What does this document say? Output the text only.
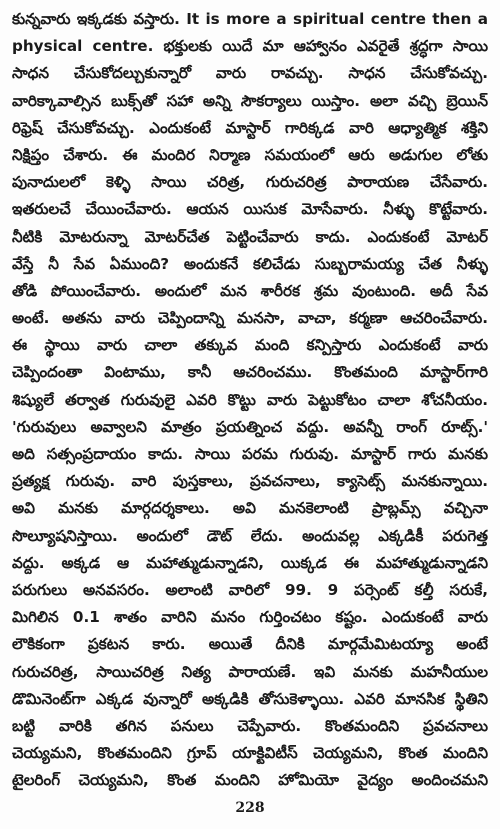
కున్నవారు ఇక్కడకు వస్తారు. It is more a spiritual centre then a
physical centre. భక్తులకు యిదే మా ఆహ్వానం ఎవరైతే శ్రద్ధగా సాయి
సాధన చేసుకోదల్చుకున్నారో వారు రావచ్చు. సాధన చేసుకోవచ్చు.
వారిక్కావాల్సిన బుక్స్‌తో సహా అన్ని సౌకర్యాలు యిస్తాం. అలా వచ్చి బ్రెయిన్
రిఫ్రెష్ చేసుకోవచ్చు. ఎందుకంటే మాస్టార్ గారిక్కడ వారి ఆధ్యాత్మిక శక్తిని
నిక్షిప్తం చేశారు. ఈ మందిర నిర్మాణ సమయంలో ఆరు అడుగుల లోతు
పునాదులలో కెళ్ళి సాయి చరిత్ర, గురుచరిత్ర పారాయణ చేసేవారు.
ఇతరులచే చేయించేవారు. ఆయన యిసుక మోసేవారు. నీళ్ళు కొట్టేవారు.
నీటికి మోటరున్నా మోటర్‌చేత పెట్టించేవారు కాదు. ఎందుకంటే మోటర్
వేస్తే నీ సేవ ఏముంది? అందుకనే కలిచేడు సుబ్బరామయ్య చేత నీళ్ళు
తోడి పోయించేవారు. అందులో మన శారీరక శ్రమ వుంటుంది. అదీ సేవ
అంటే. అతను వారు చెప్పిందాన్ని మనసా, వాచా, కర్మణా ఆచరించేవారు.
ఈ స్థాయి వారు చాలా తక్కువ మంది కన్పిస్తారు ఎందుకంటే వారు
చెప్పిందంతా వింటాము, కానీ ఆచరించము. కొంతమంది మాస్టార్‌గారి
శిష్యులే తర్వాత గురువులై ఎవరి కొట్టు వారు పెట్టుకోటం చాలా శోచనీయం.
'గురువులు అవ్వాలని మాత్రం ప్రయత్నించ వద్దు. అవన్నీ రాంగ్ రూట్స్.'
అది సత్సంప్రదాయం కాదు. సాయి పరమ గురువు. మాస్టార్ గారు మనకు
ప్రత్యక్ష గురువు. వారి పుస్తకాలు, ప్రవచనాలు, క్యాసెట్స్ మనకున్నాయి.
అవి మనకు మార్గదర్శకాలు. అవి మనకెలాంటి ప్రాబ్లమ్స్ వచ్చినా
సొల్యూషనిస్తాయి. అందులో డౌట్ లేదు. అందువల్ల ఎక్కడికీ పరుగెత్త
వద్దు. అక్కడ ఆ మహాత్ముడున్నాడని, యిక్కడ ఈ మహాత్ముడున్నాడని
పరుగులు అనవసరం. అలాంటి వారిలో 99. 9 పర్సెంట్ కల్తీ సరుకే,
మిగిలిన 0.1 శాతం వారిని మనం గుర్తించటం కష్టం. ఎందుకంటే వారు
లౌకికంగా ప్రకటన కారు. అయితే దీనికి మార్గమేమిటయ్యా అంటే
గురుచరిత్ర, సాయిచరిత్ర నిత్య పారాయణే. ఇవి మనకు మహనీయుల
డొమినెంట్‌గా ఎక్కడ వున్నారో అక్కడికి తోసుకెళ్ళాయి. ఎవరి మానసిక స్థితిని
బట్టి వారికి తగిన పనులు చెప్పేవారు. కొంతమందిని ప్రవచనాలు
చెయ్యమని, కొంతమందిని గ్రూప్ యాక్టివిటీస్ చెయ్యమని, కొంత మందిని
టైలరింగ్ చెయ్యమని, కొంత మందిని హోమియో వైద్యం అందించమని
228
